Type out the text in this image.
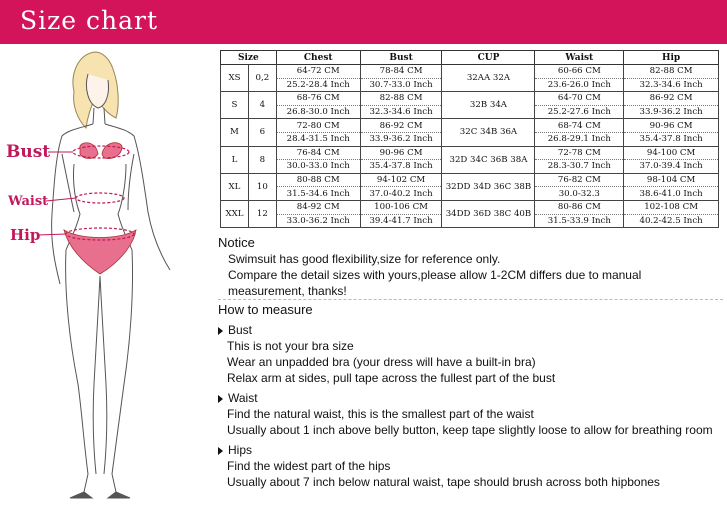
Size chart
Bust
Waist
Hip
Size		Chest	Bust	CUP	Waist	Hip
XS	0,2	64-72 CM	78-84 CM	32AA 32A	60-66 CM	82-88 CM
		25.2-28.4 Inch	30.7-33.0 Inch		23.6-26.0 Inch	32.3-34.6 Inch
S	4	68-76 CM	82-88 CM	32B 34A	64-70 CM	86-92 CM
		26.8-30.0 Inch	32.3-34.6 Inch		25.2-27.6 Inch	33.9-36.2 Inch
M	6	72-80 CM	86-92 CM	32C 34B 36A	68-74 CM	90-96 CM
		28.4-31.5 Inch	33.9-36.2 Inch		26.8-29.1 Inch	35.4-37.8 Inch
L	8	76-84 CM	90-96 CM	32D 34C 36B 38A	72-78 CM	94-100 CM
		30.0-33.0 Inch	35.4-37.8 Inch		28.3-30.7 Inch	37.0-39.4 Inch
XL	10	80-88 CM	94-102 CM	32DD 34D 36C 38B	76-82 CM	98-104 CM
		31.5-34.6 Inch	37.0-40.2 Inch		30.0-32.3	38.6-41.0 Inch
XXL	12	84-92 CM	100-106 CM	34DD 36D 38C 40B	80-86 CM	102-108 CM
		33.0-36.2 Inch	39.4-41.7 Inch		31.5-33.9 Inch	40.2-42.5 Inch
Notice
Swimsuit has good flexibility,size for reference only.
Compare the detail sizes with yours,please allow 1-2CM differs due to manual
measurement, thanks!
How to measure
Bust
This is not your bra size
Wear an unpadded bra (your dress will have a built-in bra)
Relax arm at sides, pull tape across the fullest part of the bust
Waist
Find the natural waist, this is the smallest part of the waist
Usually about 1 inch above belly button, keep tape slightly loose to allow for breathing room
Hips
Find the widest part of the hips
Usually about 7 inch below natural waist, tape should brush across both hipbones
